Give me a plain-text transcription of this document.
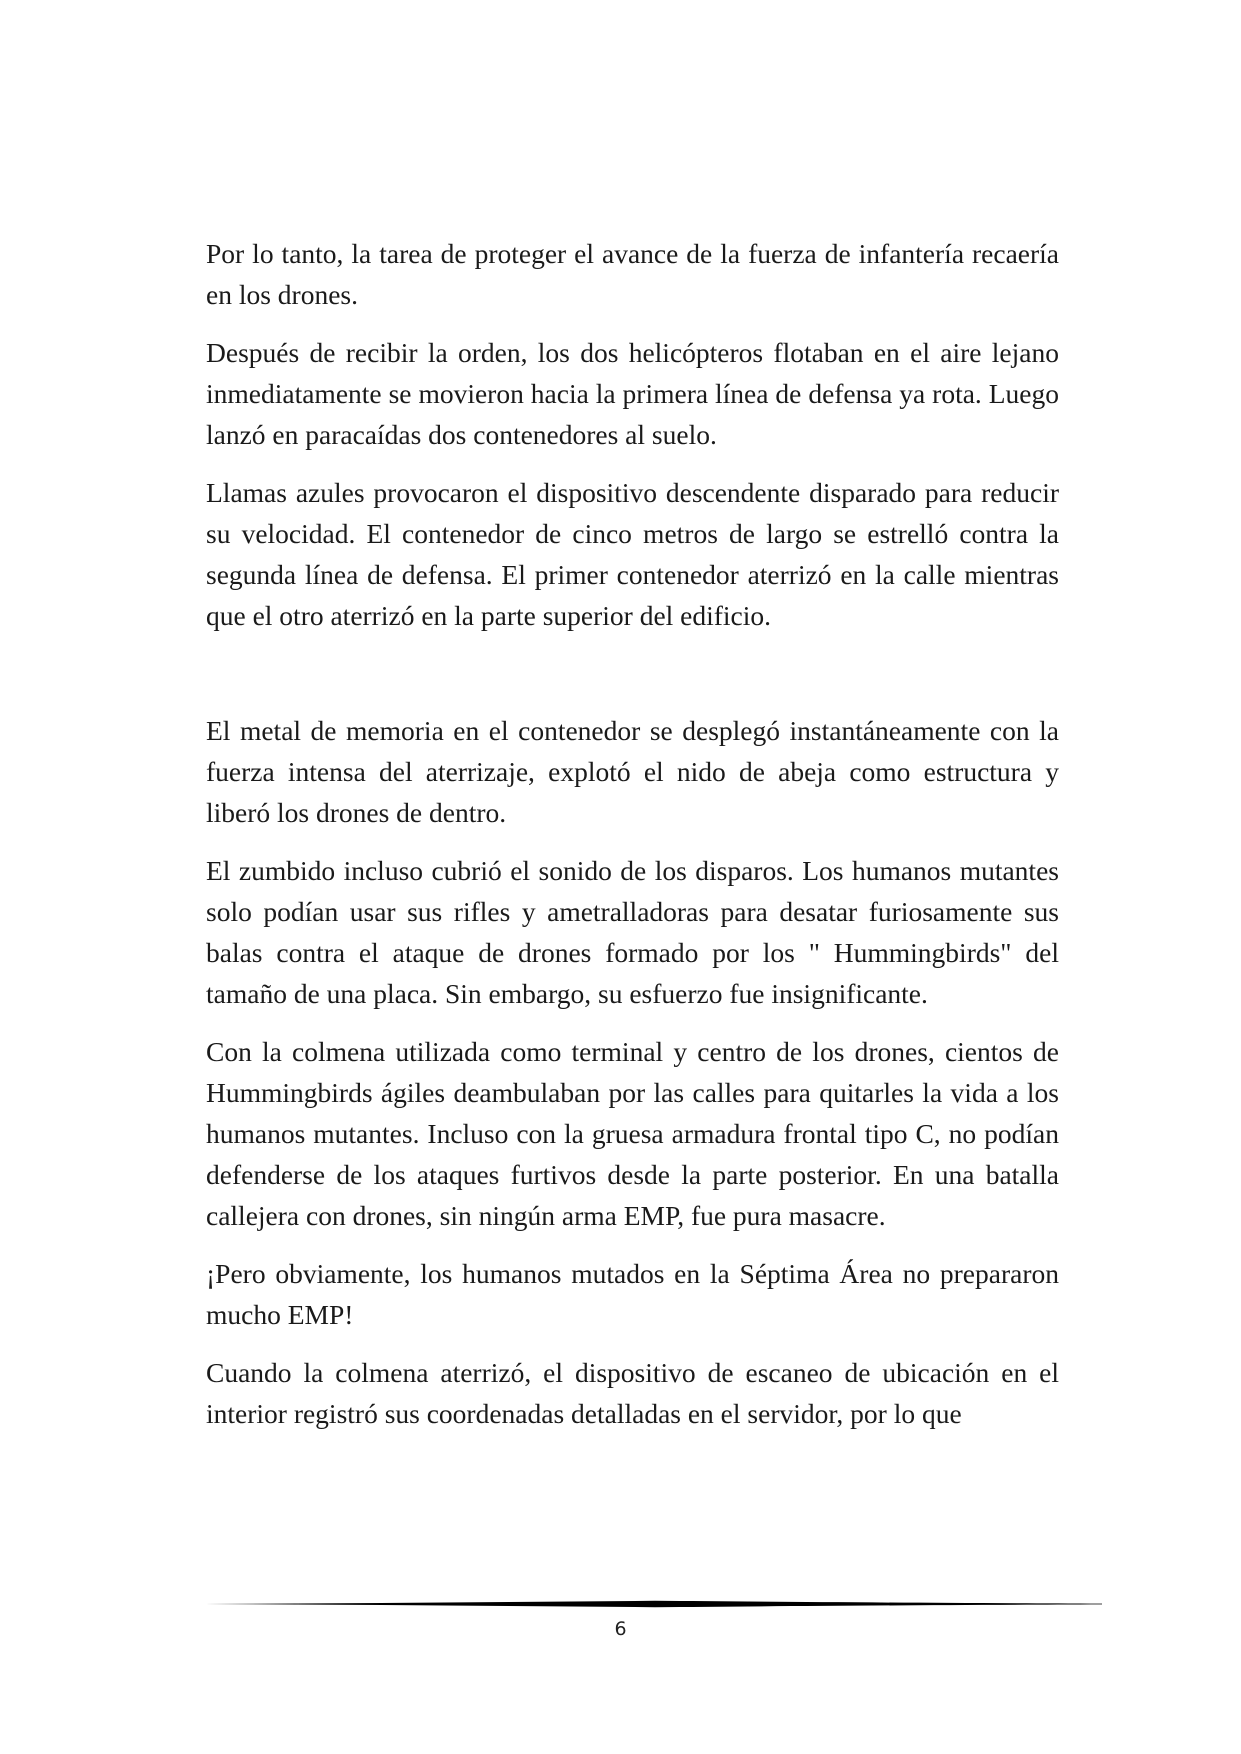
Por lo tanto, la tarea de proteger el avance de la fuerza de infantería recaería en los drones.

Después de recibir la orden, los dos helicópteros flotaban en el aire lejano inmediatamente se movieron hacia la primera línea de defensa ya rota. Luego lanzó en paracaídas dos contenedores al suelo.

Llamas azules provocaron el dispositivo descendente disparado para reducir su velocidad. El contenedor de cinco metros de largo se estrelló contra la segunda línea de defensa. El primer contenedor aterrizó en la calle mientras que el otro aterrizó en la parte superior del edificio.

El metal de memoria en el contenedor se desplegó instantáneamente con la fuerza intensa del aterrizaje, explotó el nido de abeja como estructura y liberó los drones de dentro.

El zumbido incluso cubrió el sonido de los disparos. Los humanos mutantes solo podían usar sus rifles y ametralladoras para desatar furiosamente sus balas contra el ataque de drones formado por los " Hummingbirds" del tamaño de una placa. Sin embargo, su esfuerzo fue insignificante.

Con la colmena utilizada como terminal y centro de los drones, cientos de Hummingbirds ágiles deambulaban por las calles para quitarles la vida a los humanos mutantes. Incluso con la gruesa armadura frontal tipo C, no podían defenderse de los ataques furtivos desde la parte posterior. En una batalla callejera con drones, sin ningún arma EMP, fue pura masacre.

¡Pero obviamente, los humanos mutados en la Séptima Área no prepararon mucho EMP!

Cuando la colmena aterrizó, el dispositivo de escaneo de ubicación en el interior registró sus coordenadas detalladas en el servidor, por lo que

6
